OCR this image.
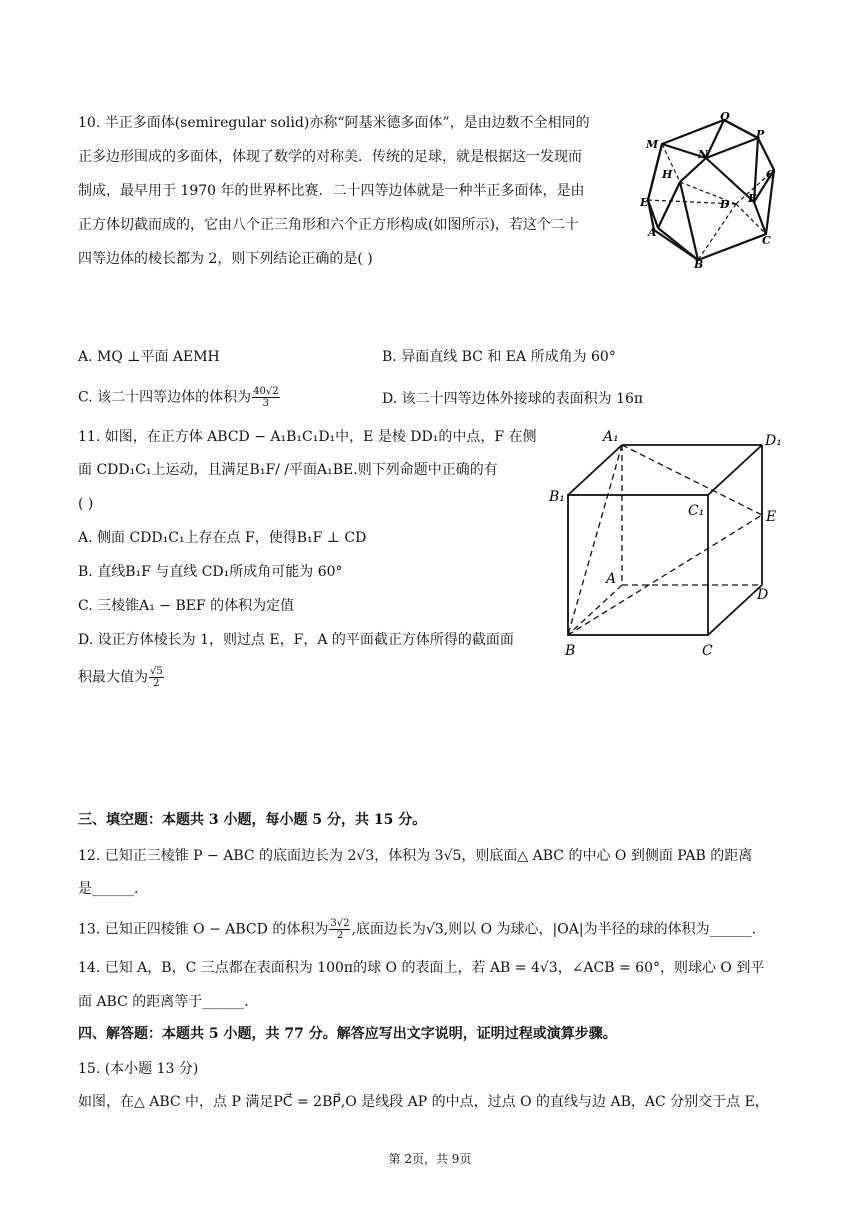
10. 半正多面体(semiregular solid)亦称“阿基米德多面体”，是由边数不全相同的
正多边形围成的多面体，体现了数学的对称美．传统的足球，就是根据这一发现而
制成，最早用于 1970 年的世界杯比赛．二十四等边体就是一种半正多面体，是由
正方体切截而成的，它由八个正三角形和六个正方形构成(如图所示)，若这个二十
四等边体的棱长都为 2，则下列结论正确的是( )
Q
M
N
P
H	G
E	D F
A
C
B
A. MQ ⊥平面 AEMH	B. 异面直线 BC 和 EA 所成角为 60°
C. 该二十四等边体的体积为 $\frac{40√2}{3}$	D. 该二十四等边体外接球的表面积为 16π
11. 如图，在正方体 ABCD − A₁B₁C₁D₁中，E 是棱 DD₁的中点，F 在侧
面 CDD₁C₁上运动，且满足B₁F/ /平面A₁BE.则下列命题中正确的有
( )
A. 侧面 CDD₁C₁上存在点 F，使得B₁F ⊥ CD
B. 直线B₁F 与直线 CD₁所成角可能为 60°
C. 三棱锥A₁ − BEF 的体积为定值
D. 设正方体棱长为 1，则过点 E，F，A 的平面截正方体所得的截面面
积最大值为 $\frac{√5}{2}$
A₁	D₁
B₁
C₁	E
A
D
B	C
三、填空题：本题共 3 小题，每小题 5 分，共 15 分。
12. 已知正三棱锥 P − ABC 的底面边长为 2√3，体积为 3√5，则底面△ ABC 的中心 O 到侧面 PAB 的距离
是______.
13. 已知正四棱锥 O − ABCD 的体积为 $\frac{3√2}{2}$ ,底面边长为√3,则以 O 为球心，|OA|为半径的球的体积为______.
14. 已知 A，B，C 三点都在表面积为 100π的球 O 的表面上，若 AB = 4√3，∠ACB = 60°，则球心 O 到平
面 ABC 的距离等于______.
四、解答题：本题共 5 小题，共 77 分。解答应写出文字说明，证明过程或演算步骤。
15. (本小题 13 分)
如图，在△ ABC 中，点 P 满足PC⃗ = 2BP⃗,O 是线段 AP 的中点，过点 O 的直线与边 AB，AC 分别交于点 E，
第 2页，共 9页
